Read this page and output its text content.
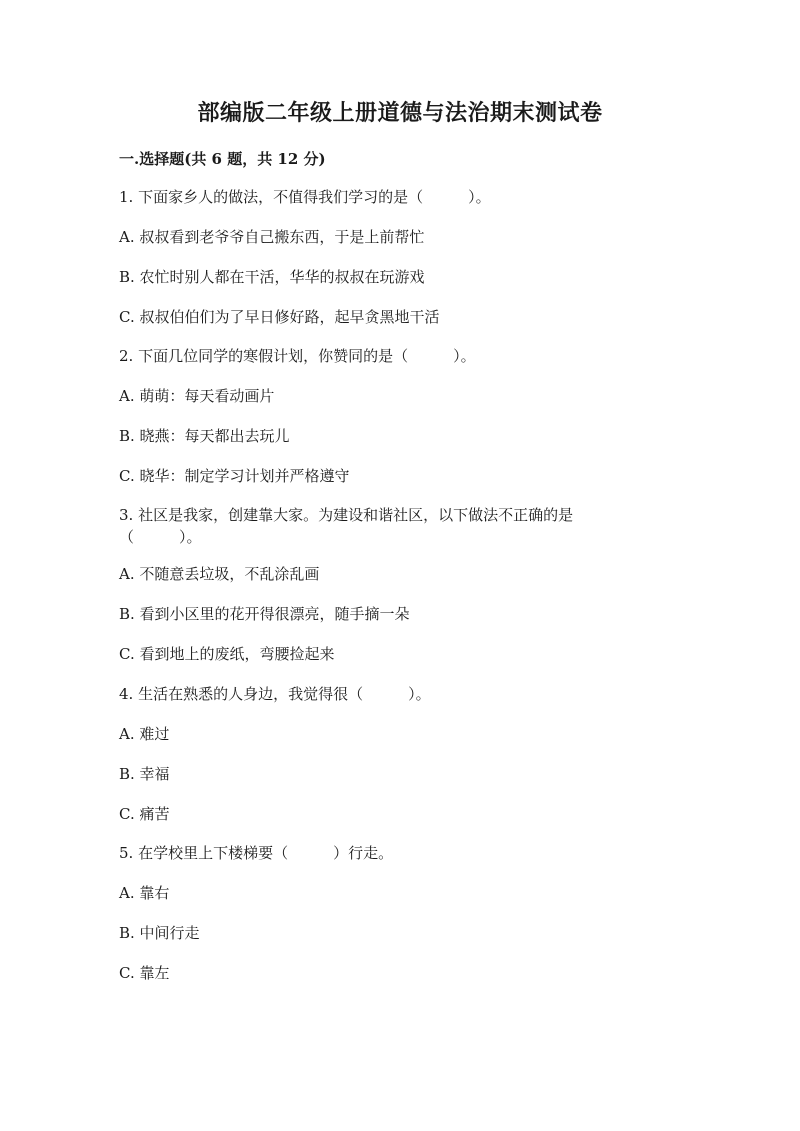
部编版二年级上册道德与法治期末测试卷
一.选择题(共 6 题，共 12 分)
1. 下面家乡人的做法，不值得我们学习的是（　　　）。
A. 叔叔看到老爷爷自己搬东西，于是上前帮忙
B. 农忙时别人都在干活，华华的叔叔在玩游戏
C. 叔叔伯伯们为了早日修好路，起早贪黑地干活
2. 下面几位同学的寒假计划，你赞同的是（　　　）。
A. 萌萌：每天看动画片
B. 晓燕：每天都出去玩儿
C. 晓华：制定学习计划并严格遵守
3. 社区是我家，创建靠大家。为建设和谐社区，以下做法不正确的是（　　　）。
A. 不随意丢垃圾，不乱涂乱画
B. 看到小区里的花开得很漂亮，随手摘一朵
C. 看到地上的废纸，弯腰捡起来
4. 生活在熟悉的人身边，我觉得很（　　　）。
A. 难过
B. 幸福
C. 痛苦
5. 在学校里上下楼梯要（　　　）行走。
A. 靠右
B. 中间行走
C. 靠左
